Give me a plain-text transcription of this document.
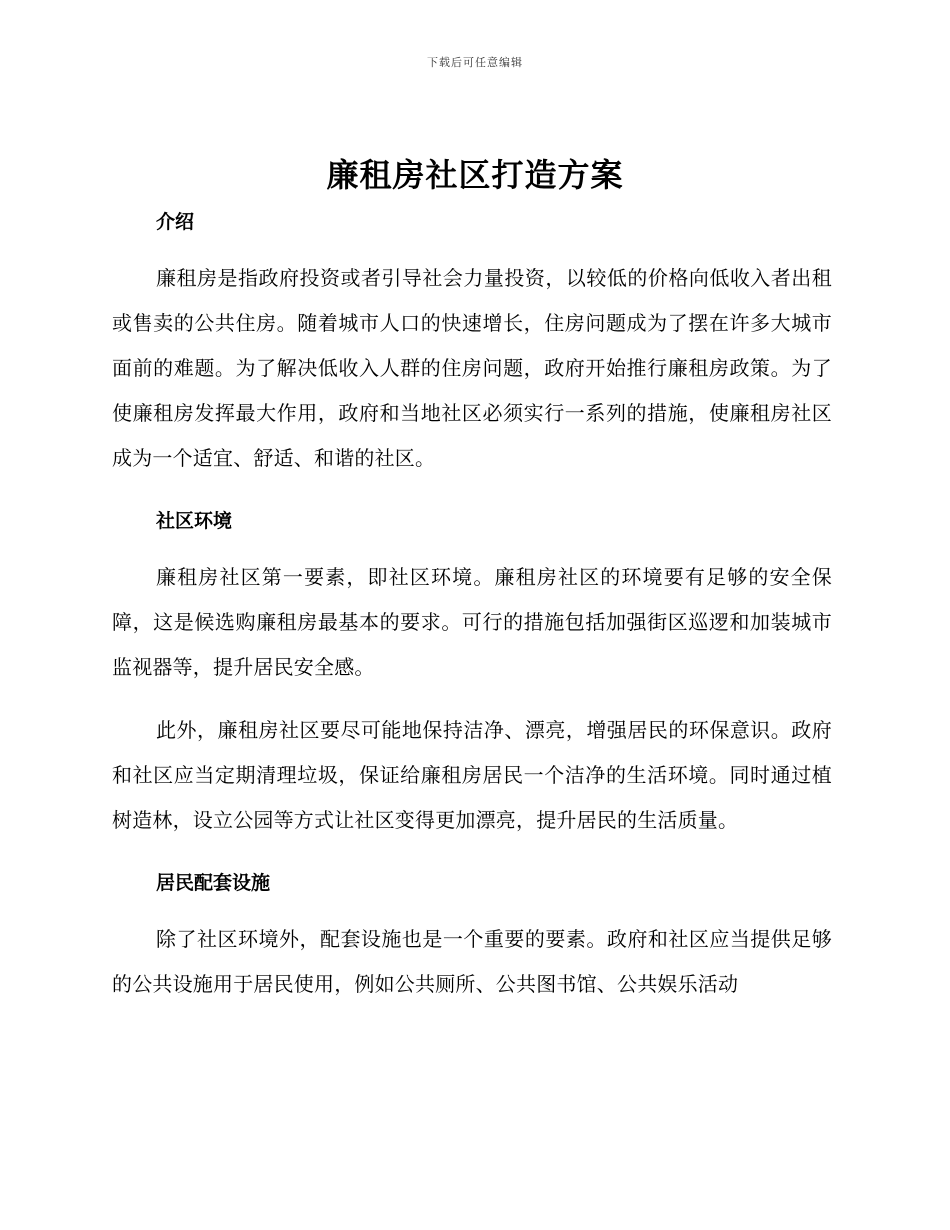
下载后可任意编辑
廉租房社区打造方案
介绍

廉租房是指政府投资或者引导社会力量投资，以较低的价格向低收入者出租或售卖的公共住房。随着城市人口的快速增长，住房问题成为了摆在许多大城市面前的难题。为了解决低收入人群的住房问题，政府开始推行廉租房政策。为了使廉租房发挥最大作用，政府和当地社区必须实行一系列的措施，使廉租房社区成为一个适宜、舒适、和谐的社区。

社区环境

廉租房社区第一要素，即社区环境。廉租房社区的环境要有足够的安全保障，这是候选购廉租房最基本的要求。可行的措施包括加强街区巡逻和加装城市监视器等，提升居民安全感。

此外，廉租房社区要尽可能地保持洁净、漂亮，增强居民的环保意识。政府和社区应当定期清理垃圾，保证给廉租房居民一个洁净的生活环境。同时通过植树造林，设立公园等方式让社区变得更加漂亮，提升居民的生活质量。

居民配套设施

除了社区环境外，配套设施也是一个重要的要素。政府和社区应当提供足够的公共设施用于居民使用，例如公共厕所、公共图书馆、公共娱乐活动
